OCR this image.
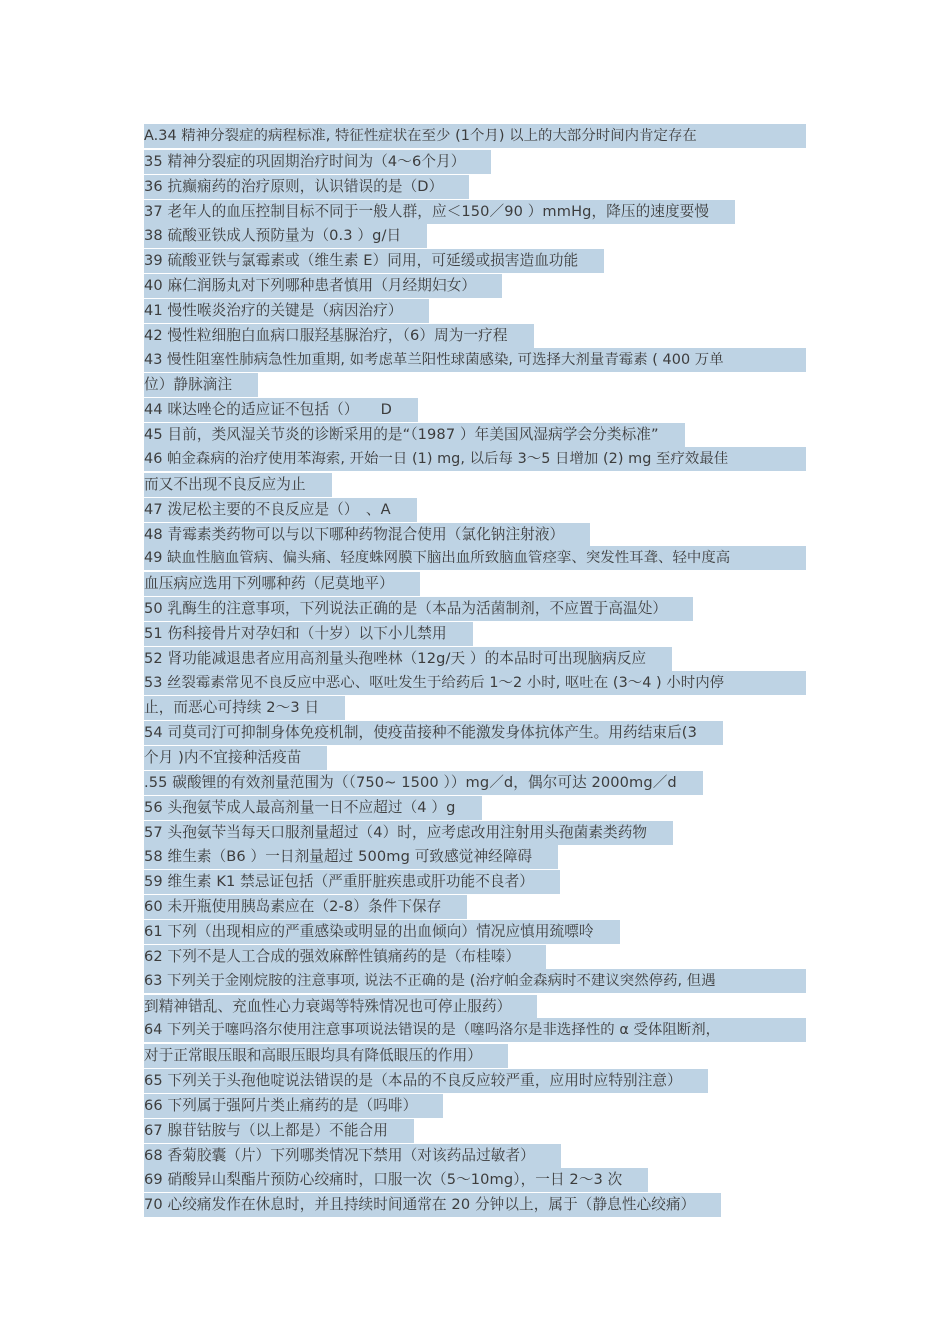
A.34 精神分裂症的病程标准, 特征性症状在至少 (1个月) 以上的大部分时间内肯定存在
35 精神分裂症的巩固期治疗时间为（4～6个月）
36 抗癫痫药的治疗原则，认识错误的是（D）
37 老年人的血压控制目标不同于一般人群，应＜150／90 ）mmHg，降压的速度要慢
38 硫酸亚铁成人预防量为（0.3 ）g/日
39 硫酸亚铁与氯霉素或（维生素 E）同用，可延缓或损害造血功能
40 麻仁润肠丸对下列哪种患者慎用（月经期妇女）
41 慢性喉炎治疗的关键是（病因治疗）
42 慢性粒细胞白血病口服羟基脲治疗，（6）周为一疗程
43 慢性阻塞性肺病急性加重期, 如考虑革兰阳性球菌感染, 可选择大剂量青霉素 ( 400 万单
位）静脉滴注
44 咪达唑仑的适应证不包括（）　　D
45 目前，类风湿关节炎的诊断采用的是“（1987 ）年美国风湿病学会分类标准”
46 帕金森病的治疗使用苯海索, 开始一日 (1) mg, 以后每 3～5 日增加 (2) mg 至疗效最佳
而又不出现不良反应为止
47 泼尼松主要的不良反应是（）　、A
48 青霉素类药物可以与以下哪种药物混合使用（氯化钠注射液）
49 缺血性脑血管病、偏头痛、轻度蛛网膜下脑出血所致脑血管痉挛、突发性耳聋、轻中度高
血压病应选用下列哪种药（尼莫地平）
50 乳酶生的注意事项，下列说法正确的是（本品为活菌制剂，不应置于高温处）
51 伤科接骨片对孕妇和（十岁）以下小儿禁用
52 肾功能减退患者应用高剂量头孢唑林（12g/天 ）的本品时可出现脑病反应
53 丝裂霉素常见不良反应中恶心、呕吐发生于给药后 1～2 小时, 呕吐在 (3～4 ) 小时内停
止，而恶心可持续 2～3 日
54 司莫司汀可抑制身体免疫机制，使疫苗接种不能激发身体抗体产生。用药结束后(3
个月 )内不宜接种活疫苗
.55 碳酸锂的有效剂量范围为（（750~ 1500 ））mg／d，偶尔可达 2000mg／d
56 头孢氨苄成人最高剂量一日不应超过（4 ）g
57 头孢氨苄当每天口服剂量超过（4）时，应考虑改用注射用头孢菌素类药物
58 维生素（B6 ）一日剂量超过 500mg 可致感觉神经障碍
59 维生素 K1 禁忌证包括（严重肝脏疾患或肝功能不良者）
60 未开瓶使用胰岛素应在（2-8）条件下保存
61 下列（出现相应的严重感染或明显的出血倾向）情况应慎用巯嘌呤
62 下列不是人工合成的强效麻醉性镇痛药的是（布桂嗪）
63 下列关于金刚烷胺的注意事项, 说法不正确的是 (治疗帕金森病时不建议突然停药, 但遇
到精神错乱、充血性心力衰竭等特殊情况也可停止服药）
64 下列关于噻吗洛尔使用注意事项说法错误的是（噻吗洛尔是非选择性的 α 受体阻断剂，
对于正常眼压眼和高眼压眼均具有降低眼压的作用）
65 下列关于头孢他啶说法错误的是（本品的不良反应较严重，应用时应特别注意）
66 下列属于强阿片类止痛药的是（吗啡）
67 腺苷钴胺与（以上都是）不能合用
68 香菊胶囊（片）下列哪类情况下禁用（对该药品过敏者）
69 硝酸异山梨酯片预防心绞痛时，口服一次（5～10mg），一日 2～3 次
70 心绞痛发作在休息时，并且持续时间通常在 20 分钟以上，属于（静息性心绞痛）
